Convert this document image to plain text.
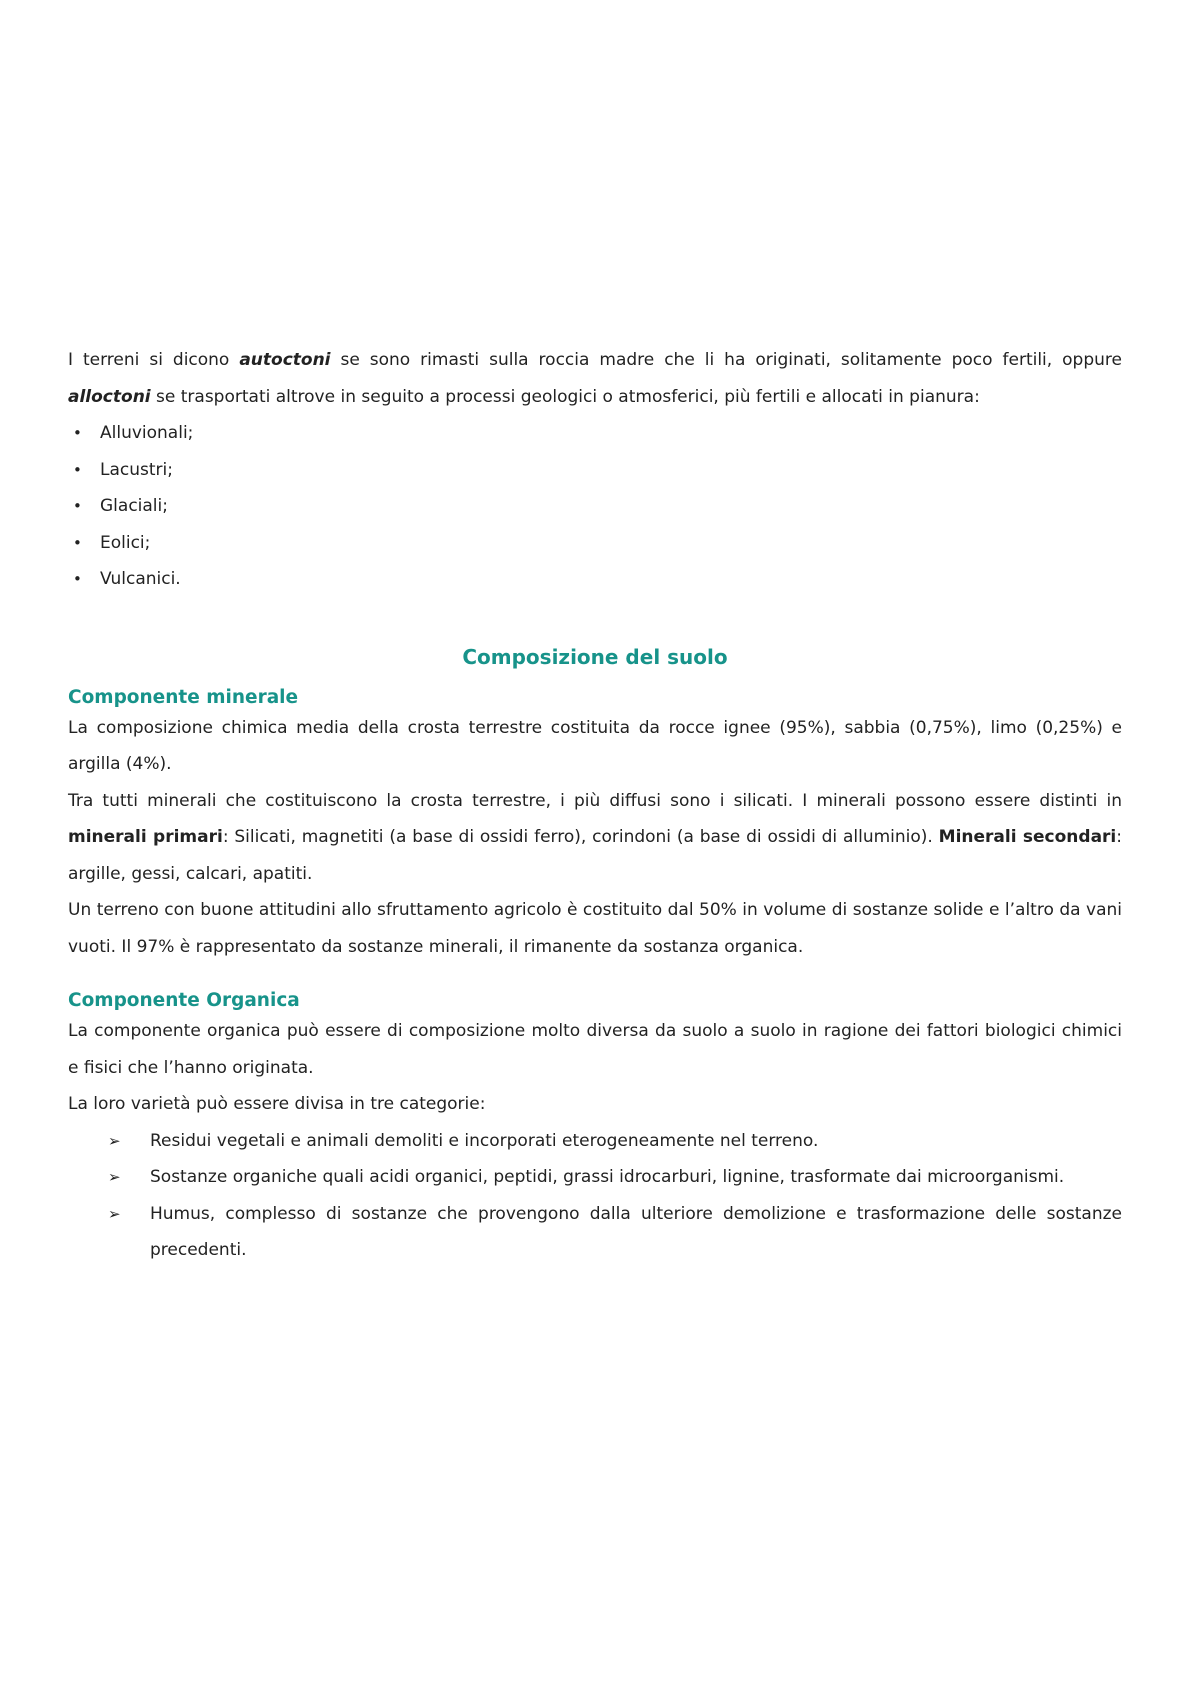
I terreni si dicono autoctoni se sono rimasti sulla roccia madre che li ha originati, solitamente poco fertili, oppure alloctoni se trasportati altrove in seguito a processi geologici o atmosferici, più fertili e allocati in pianura:

• Alluvionali;
• Lacustri;
• Glaciali;
• Eolici;
• Vulcanici.
Composizione del suolo
Componente minerale

La composizione chimica media della crosta terrestre costituita da rocce ignee (95%), sabbia (0,75%), limo (0,25%) e argilla (4%).

Tra tutti minerali che costituiscono la crosta terrestre, i più diffusi sono i silicati. I minerali possono essere distinti in minerali primari: Silicati, magnetiti (a base di ossidi ferro), corindoni (a base di ossidi di alluminio). Minerali secondari: argille, gessi, calcari, apatiti.

Un terreno con buone attitudini allo sfruttamento agricolo è costituito dal 50% in volume di sostanze solide e l’altro da vani vuoti. Il 97% è rappresentato da sostanze minerali, il rimanente da sostanza organica.

Componente Organica

La componente organica può essere di composizione molto diversa da suolo a suolo in ragione dei fattori biologici chimici e fisici che l’hanno originata.

La loro varietà può essere divisa in tre categorie:

➢ Residui vegetali e animali demoliti e incorporati eterogeneamente nel terreno.
➢ Sostanze organiche quali acidi organici, peptidi, grassi idrocarburi, lignine, trasformate dai microorganismi.
➢ Humus, complesso di sostanze che provengono dalla ulteriore demolizione e trasformazione delle sostanze precedenti.
